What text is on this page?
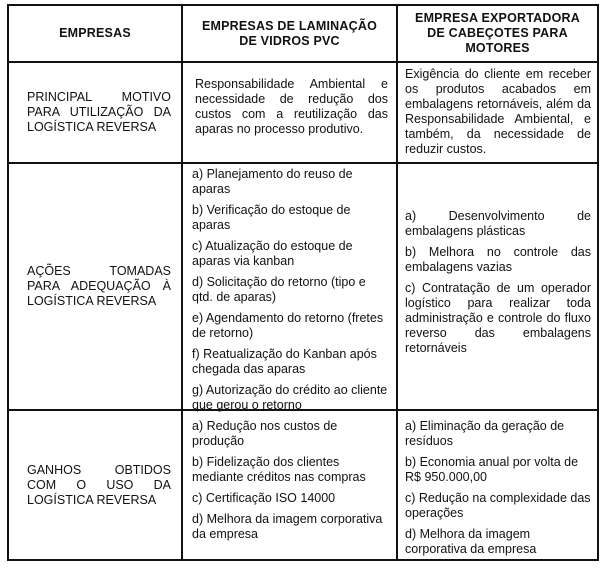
EMPRESAS
EMPRESAS DE LAMINAÇÃO
DE VIDROS PVC
EMPRESA EXPORTADORA
DE CABEÇOTES PARA
MOTORES
PRINCIPAL MOTIVO
PARA UTILIZAÇÃO DA
LOGÍSTICA REVERSA
Responsabilidade Ambiental e necessidade de redução dos custos com a reutilização das aparas no processo produtivo.
Exigência do cliente em receber os produtos acabados em embalagens retornáveis, além da Responsabilidade Ambiental, e também, da necessidade de reduzir custos.
AÇÕES TOMADAS
PARA ADEQUAÇÃO À
LOGÍSTICA REVERSA

a) Planejamento do reuso de aparas

b) Verificação do estoque de aparas

c) Atualização do estoque de aparas via kanban

d) Solicitação do retorno (tipo e qtd. de aparas)

e) Agendamento do retorno (fretes de retorno)

f) Reatualização do Kanban após chegada das aparas

g) Autorização do crédito ao cliente que gerou o retorno

a) Desenvolvimento de embalagens plásticas

b) Melhora no controle das embalagens vazias

c) Contratação de um operador logístico para realizar toda administração e controle do fluxo reverso das embalagens retornáveis

GANHOS OBTIDOS
COM O USO DA
LOGÍSTICA REVERSA

a) Redução nos custos de produção

b) Fidelização dos clientes mediante créditos nas compras

c) Certificação ISO 14000

d) Melhora da imagem corporativa da empresa

a) Eliminação da geração de resíduos

b) Economia anual por volta de R$ 950.000,00

c) Redução na complexidade das operações

d) Melhora da imagem corporativa da empresa
